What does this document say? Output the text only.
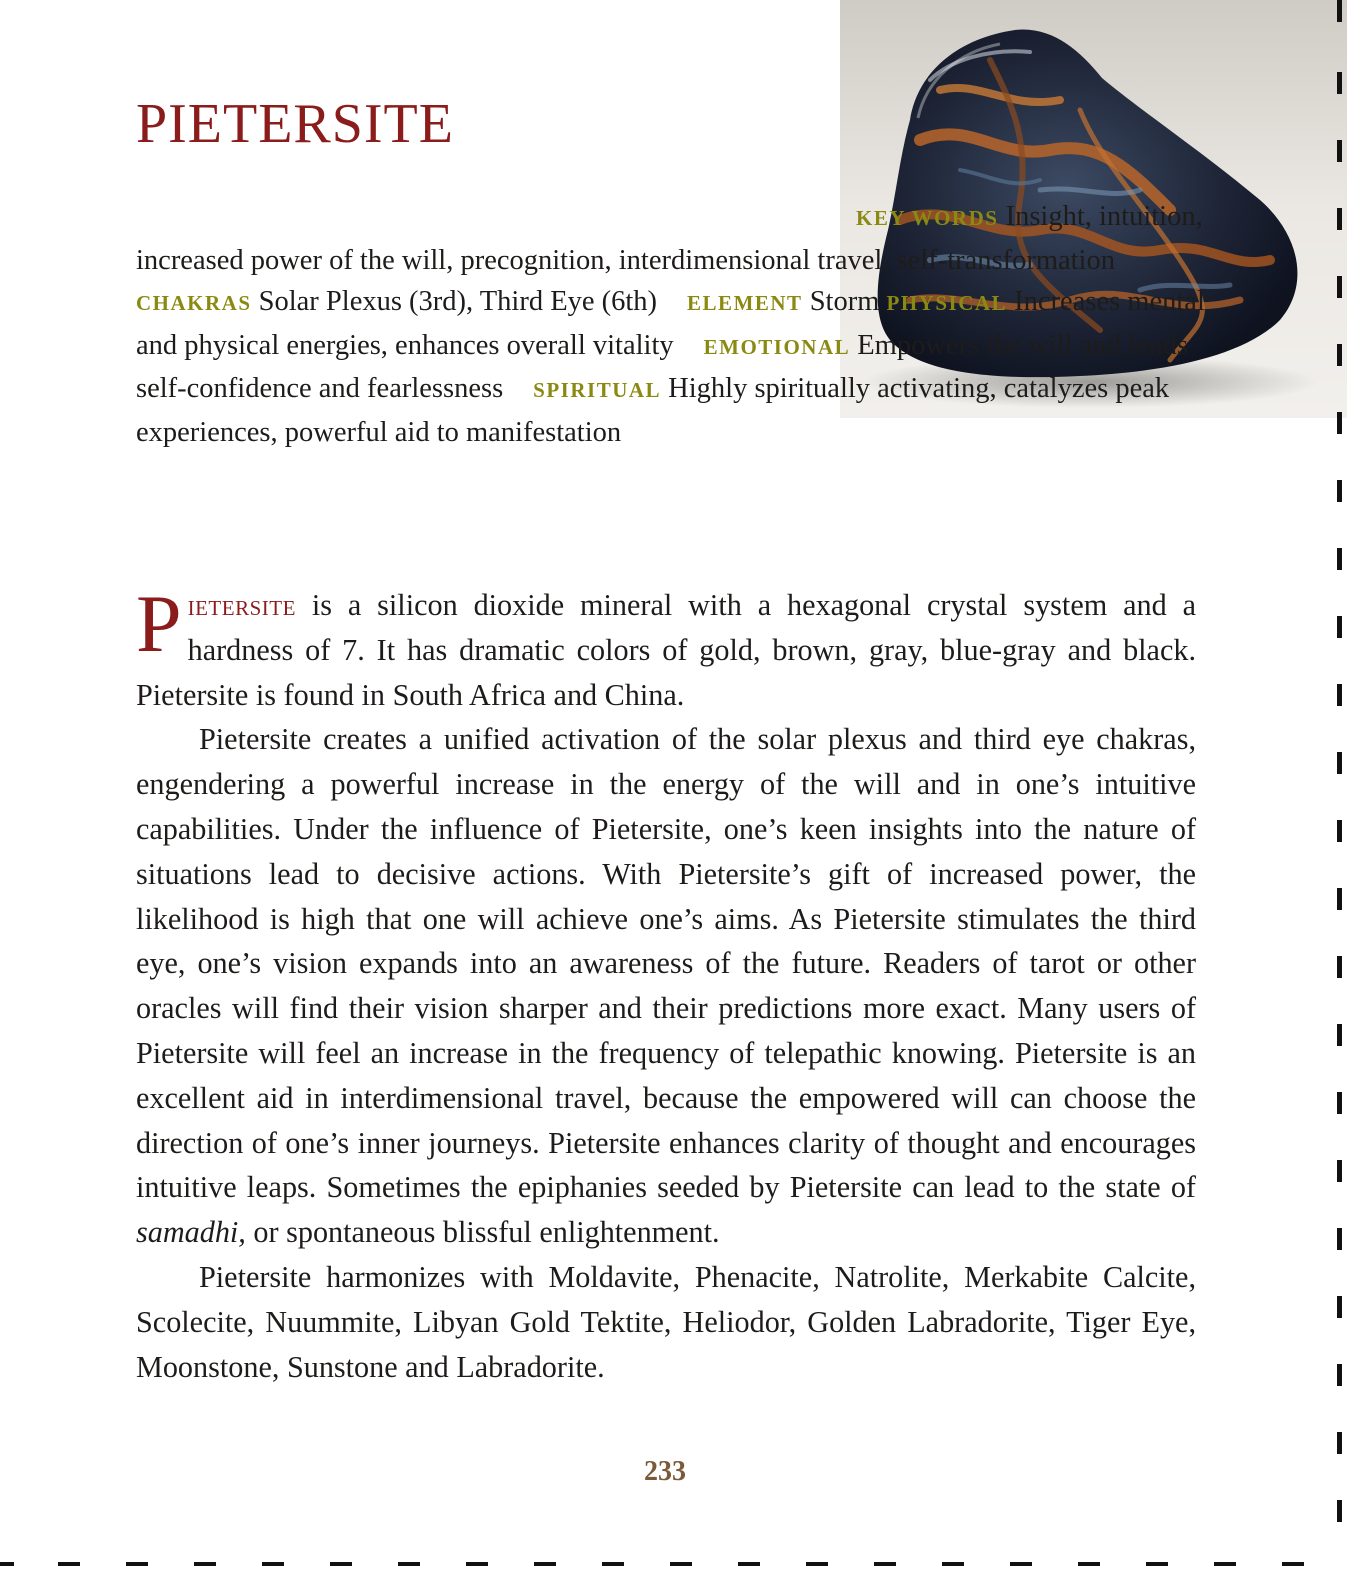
PIETERSITE

KEY WORDS Insight, intuition, increased power of the will, precognition, interdimensional travel, self-transformationCHAKRAS Solar Plexus (3rd), Third Eye (6th) ELEMENT Storm PHYSICAL Increases mental and physical energies, enhances overall vitality EMOTIONAL Empowers the will and lends self-confidence and fearlessness SPIRITUAL Highly spiritually activating, catalyzes peak experiences, powerful aid to manifestation

Pietersite is a silicon dioxide mineral with a hexagonal crystal system and a hardness of 7. It has dramatic colors of gold, brown, gray, blue-gray and black. Pietersite is found in South Africa and China.

Pietersite creates a unified activation of the solar plexus and third eye chakras, engendering a powerful increase in the energy of the will and in one’s intuitive capabilities. Under the influence of Pietersite, one’s keen insights into the nature of situations lead to decisive actions. With Pietersite’s gift of increased power, the likelihood is high that one will achieve one’s aims. As Pietersite stimulates the third eye, one’s vision expands into an awareness of the future. Readers of tarot or other oracles will find their vision sharper and their predictions more exact. Many users of Pietersite will feel an increase in the frequency of telepathic knowing. Pietersite is an excellent aid in interdimensional travel, because the empowered will can choose the direction of one’s inner journeys. Pietersite enhances clarity of thought and encourages intuitive leaps. Sometimes the epiphanies seeded by Pietersite can lead to the state of samadhi, or spontaneous blissful enlightenment.

Pietersite harmonizes with Moldavite, Phenacite, Natrolite, Merkabite Calcite, Scolecite, Nuummite, Libyan Gold Tektite, Heliodor, Golden Labradorite, Tiger Eye, Moonstone, Sunstone and Labradorite.

233
